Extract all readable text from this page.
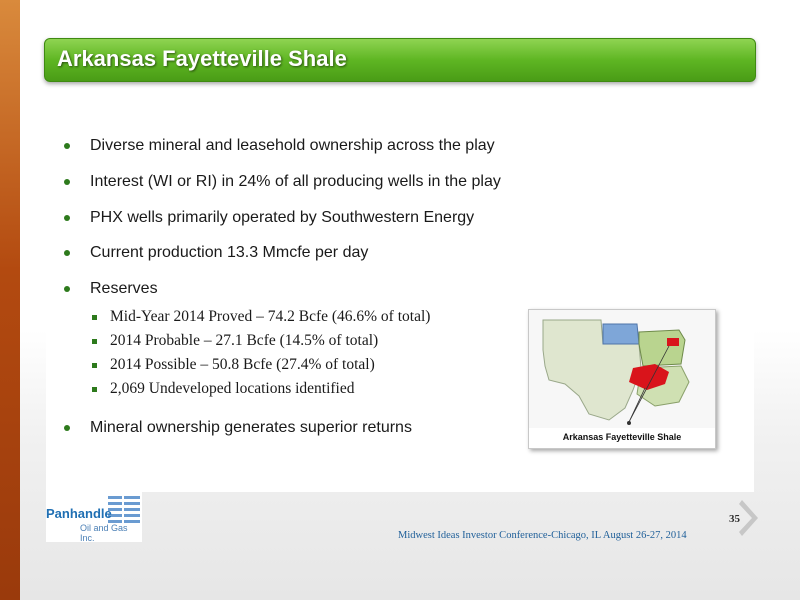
Arkansas Fayetteville Shale
Diverse mineral and leasehold ownership across the play
Interest (WI or RI) in 24% of all producing wells in the play
PHX wells primarily operated by Southwestern Energy
Current production 13.3 Mmcfe per day
Reserves
Mid-Year 2014 Proved – 74.2 Bcfe (46.6% of total)
2014 Probable – 27.1 Bcfe (14.5% of total)
2014 Possible – 50.8 Bcfe (27.4% of total)
2,069 Undeveloped locations identified
Mineral ownership generates superior returns
Arkansas Fayetteville Shale
Panhandle
Oil and Gas Inc.
35
Midwest Ideas Investor Conference-Chicago, IL August 26-27, 2014
